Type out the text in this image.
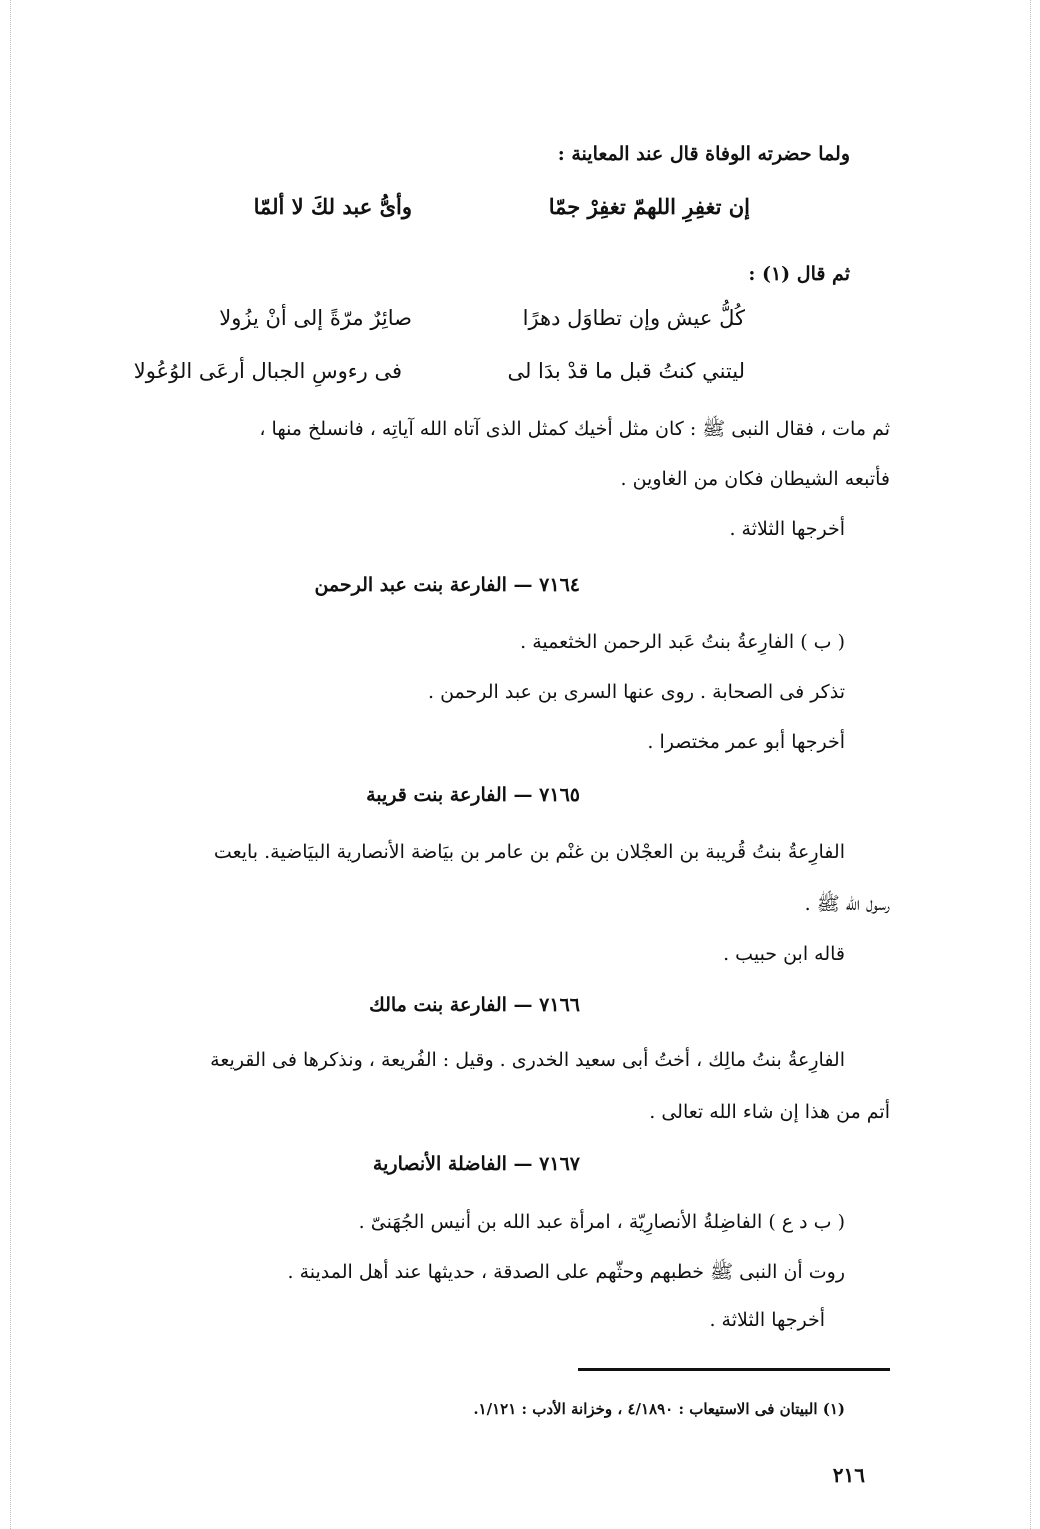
ولما حضرته الوفاة قال عند المعاينة :
إن تغفِرِ اللهمّ تغفِرْ جمّا
وأىُّ عبد لكَ لا ألمّا
ثم قال (١) :
كُلُّ عيش وإن تطاوَل دهرًا
صائِرٌ مرّةً إلى أنْ يزُولا
ليتني كنتُ قبل ما قدْ بدَا لى
فى رءوسِ الجبال أرعَى الوُعُولا
ثم مات ، فقال النبى ﷺ : كان مثل أخيك كمثل الذى آتاه الله آياتِه ، فانسلخ منها ،
فأتبعه الشيطان فكان من الغاوين .
أخرجها الثلاثة .
٧١٦٤ — الفارعة بنت عبد الرحمن
( ب ) الفارِعةُ بنتُ عَبد الرحمن الخثعمية .
تذكر فى الصحابة . روى عنها السرى بن عبد الرحمن .
أخرجها أبو عمر مختصرا .
٧١٦٥ — الفارعة بنت قريبة
الفارِعةُ بنتُ قُريبة بن العجْلان بن غنْم بن عامر بن بيَاضة الأنصارية البيَاضية. بايعت
رسول الله ﷺ .
قاله ابن حبيب .
٧١٦٦ — الفارعة بنت مالك
الفارِعةُ بنتُ مالِك ، أختُ أبى سعيد الخدرى . وقيل : الفُريعة ، ونذكرها فى القريعة
أتم من هذا إن شاء الله تعالى .
٧١٦٧ — الفاضلة الأنصارية
( ب د ع ) الفاضِلةُ الأنصارِيّة ، امرأة عبد الله بن أنيس الجُهَنىّ .
روت أن النبى ﷺ خطبهم وحثّهم على الصدقة ، حديثها عند أهل المدينة .
أخرجها الثلاثة .
(١) البيتان فى الاستيعاب : ٤/١٨٩٠ ، وخزانة الأدب : ١/١٢١.
٢١٦
